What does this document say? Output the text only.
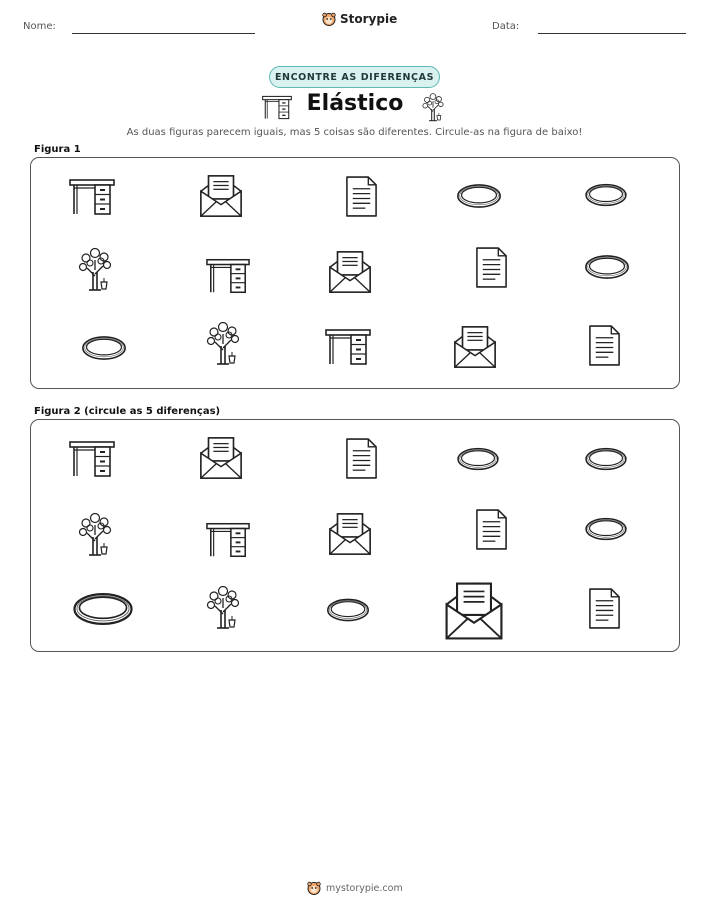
Nome:
Storypie
Data:
ENCONTRE AS DIFERENÇAS
Elástico
As duas figuras parecem iguais, mas 5 coisas são diferentes. Circule-as na figura de baixo!
Figura 1
Figura 2 (circule as 5 diferenças)
mystorypie.com
